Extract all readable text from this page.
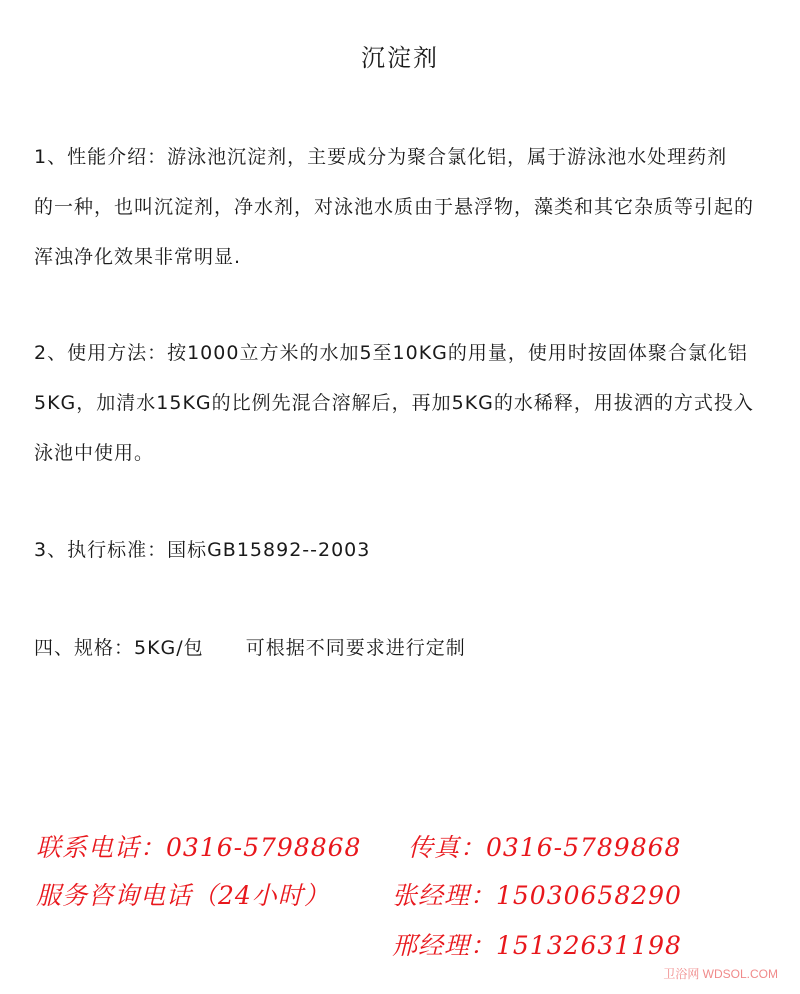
沉淀剂

1、性能介绍：游泳池沉淀剂，主要成分为聚合氯化铝，属于游泳池水处理药剂
的一种，也叫沉淀剂，净水剂，对泳池水质由于悬浮物，藻类和其它杂质等引起的
浑浊净化效果非常明显.

2、使用方法：按1000立方米的水加5至10KG的用量，使用时按固体聚合氯化铝
5KG，加清水15KG的比例先混合溶解后，再加5KG的水稀释，用拔洒的方式投入
泳池中使用。

3、执行标准：国标GB15892--2003

四、规格：5KG/包 可根据不同要求进行定制

联系电话：0316-5798868 传真：0316-5789868
服务咨询电话（24小时） 张经理：15030658290
邢经理：15132631198
卫浴网 WDSOL.COM
